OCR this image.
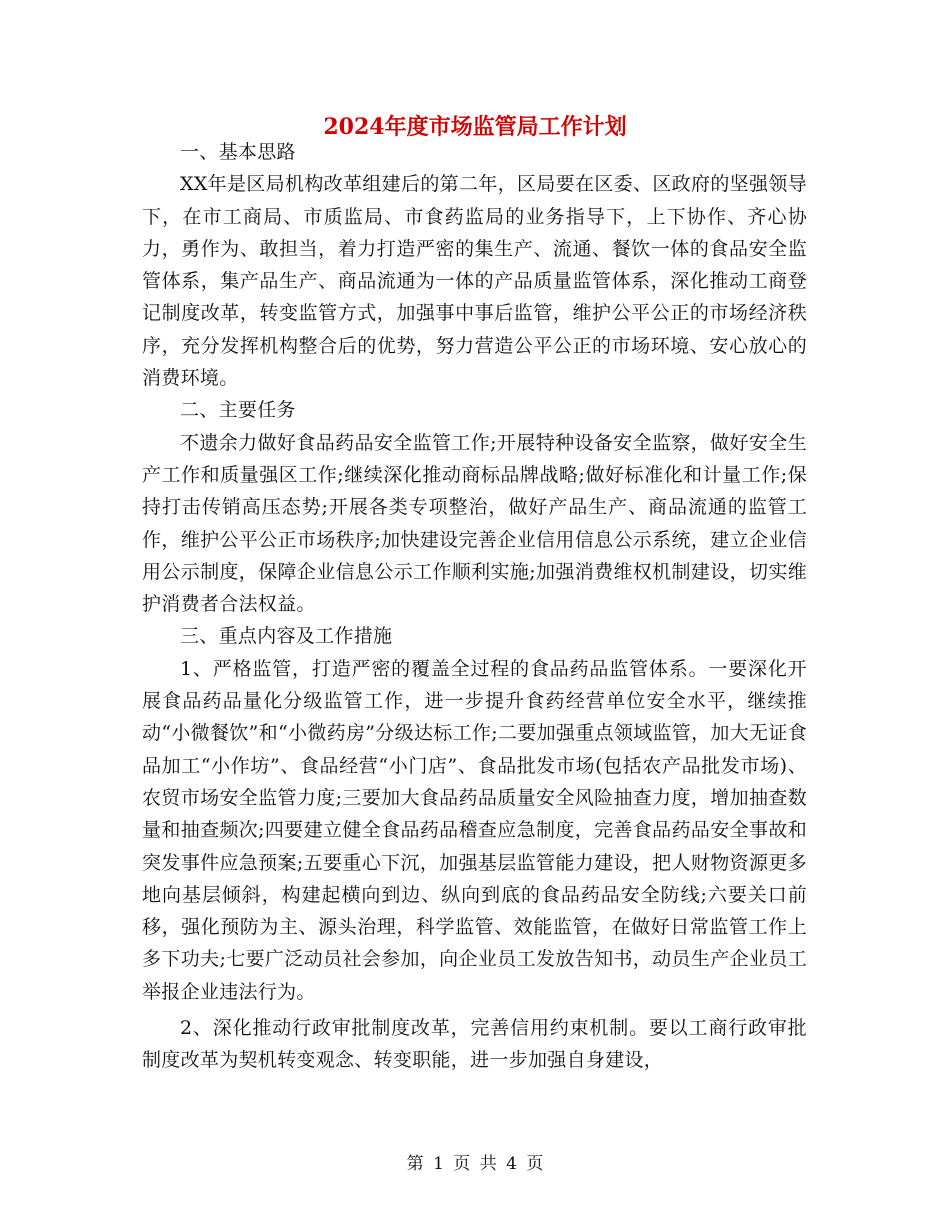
2024年度市场监管局工作计划

一、基本思路

XX年是区局机构改革组建后的第二年，区局要在区委、区政府的坚强领导下，在市工商局、市质监局、市食药监局的业务指导下，上下协作、齐心协力，勇作为、敢担当，着力打造严密的集生产、流通、餐饮一体的食品安全监管体系，集产品生产、商品流通为一体的产品质量监管体系，深化推动工商登记制度改革，转变监管方式，加强事中事后监管，维护公平公正的市场经济秩序，充分发挥机构整合后的优势，努力营造公平公正的市场环境、安心放心的消费环境。

二、主要任务

不遗余力做好食品药品安全监管工作;开展特种设备安全监察，做好安全生产工作和质量强区工作;继续深化推动商标品牌战略;做好标准化和计量工作;保持打击传销高压态势;开展各类专项整治，做好产品生产、商品流通的监管工作，维护公平公正市场秩序;加快建设完善企业信用信息公示系统，建立企业信用公示制度，保障企业信息公示工作顺利实施;加强消费维权机制建设，切实维护消费者合法权益。

三、重点内容及工作措施

1、严格监管，打造严密的覆盖全过程的食品药品监管体系。一要深化开展食品药品量化分级监管工作，进一步提升食药经营单位安全水平，继续推动“小微餐饮”和“小微药房”分级达标工作;二要加强重点领域监管，加大无证食品加工“小作坊”、食品经营“小门店”、食品批发市场(包括农产品批发市场)、农贸市场安全监管力度;三要加大食品药品质量安全风险抽查力度，增加抽查数量和抽查频次;四要建立健全食品药品稽查应急制度，完善食品药品安全事故和突发事件应急预案;五要重心下沉，加强基层监管能力建设，把人财物资源更多地向基层倾斜，构建起横向到边、纵向到底的食品药品安全防线;六要关口前移，强化预防为主、源头治理，科学监管、效能监管，在做好日常监管工作上多下功夫;七要广泛动员社会参加，向企业员工发放告知书，动员生产企业员工举报企业违法行为。

2、深化推动行政审批制度改革，完善信用约束机制。要以工商行政审批制度改革为契机转变观念、转变职能，进一步加强自身建设，

第 1 页 共 4 页
